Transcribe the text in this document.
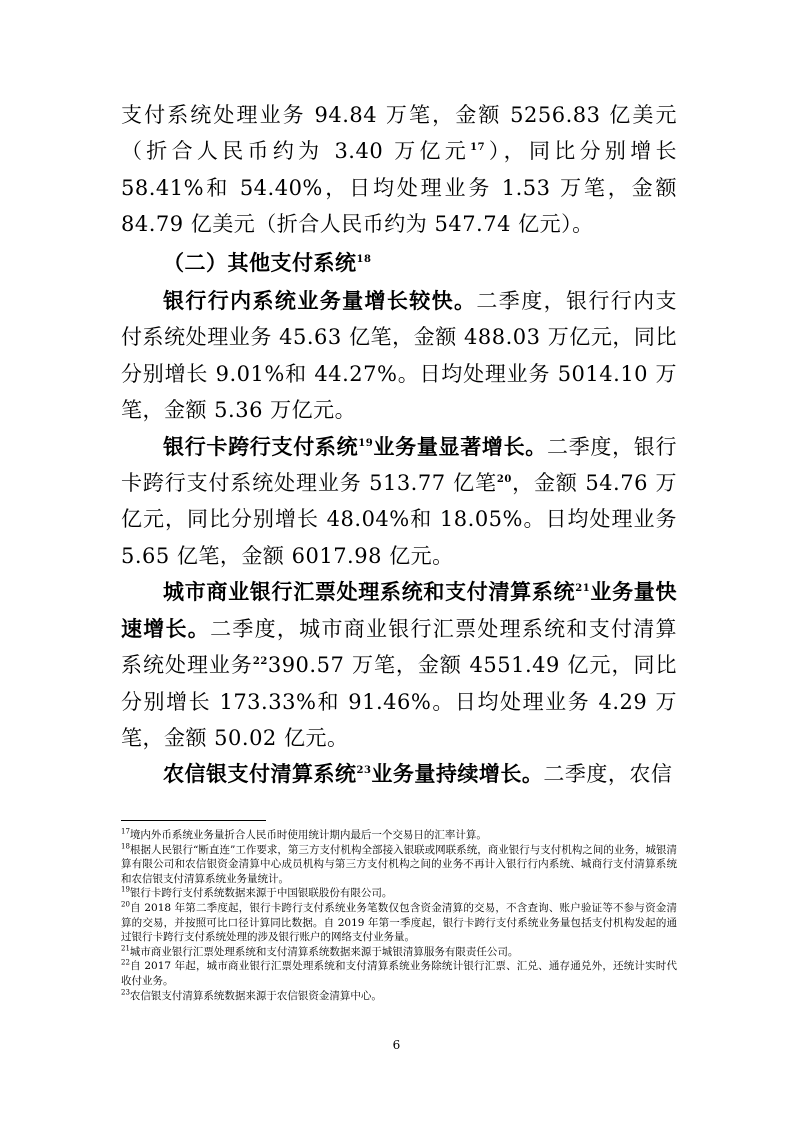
支付系统处理业务 94.84 万笔，金额 5256.83 亿美元（折合人民币约为 3.40 万亿元$^{17}$），同比分别增长 58.41%和 54.40%，日均处理业务 1.53 万笔，金额 84.79 亿美元（折合人民币约为 547.74 亿元）。

（二）其他支付系统$^{18}$

银行行内系统业务量增长较快。二季度，银行行内支付系统处理业务 45.63 亿笔，金额 488.03 万亿元，同比分别增长 9.01%和 44.27%。日均处理业务 5014.10 万笔，金额 5.36 万亿元。

银行卡跨行支付系统$^{19}$业务量显著增长。二季度，银行卡跨行支付系统处理业务 513.77 亿笔$^{20}$，金额 54.76 万亿元，同比分别增长 48.04%和 18.05%。日均处理业务 5.65 亿笔，金额 6017.98 亿元。

城市商业银行汇票处理系统和支付清算系统$^{21}$业务量快速增长。二季度，城市商业银行汇票处理系统和支付清算系统处理业务$^{22}$390.57 万笔，金额 4551.49 亿元，同比分别增长 173.33%和 91.46%。日均处理业务 4.29 万笔，金额 50.02 亿元。

农信银支付清算系统$^{23}$业务量持续增长。二季度，农信

$^{17}$境内外币系统业务量折合人民币时使用统计期内最后一个交易日的汇率计算。

$^{18}$根据人民银行“断直连”工作要求，第三方支付机构全部接入银联或网联系统，商业银行与支付机构之间的业务，城银清算有限公司和农信银资金清算中心成员机构与第三方支付机构之间的业务不再计入银行行内系统、城商行支付清算系统和农信银支付清算系统业务量统计。

$^{19}$银行卡跨行支付系统数据来源于中国银联股份有限公司。

$^{20}$自 2018 年第二季度起，银行卡跨行支付系统业务笔数仅包含资金清算的交易，不含查询、账户验证等不参与资金清算的交易，并按照可比口径计算同比数据。自 2019 年第一季度起，银行卡跨行支付系统业务量包括支付机构发起的通过银行卡跨行支付系统处理的涉及银行账户的网络支付业务量。

$^{21}$城市商业银行汇票处理系统和支付清算系统数据来源于城银清算服务有限责任公司。

$^{22}$自 2017 年起，城市商业银行汇票处理系统和支付清算系统业务除统计银行汇票、汇兑、通存通兑外，还统计实时代收付业务。

$^{23}$农信银支付清算系统数据来源于农信银资金清算中心。

6
